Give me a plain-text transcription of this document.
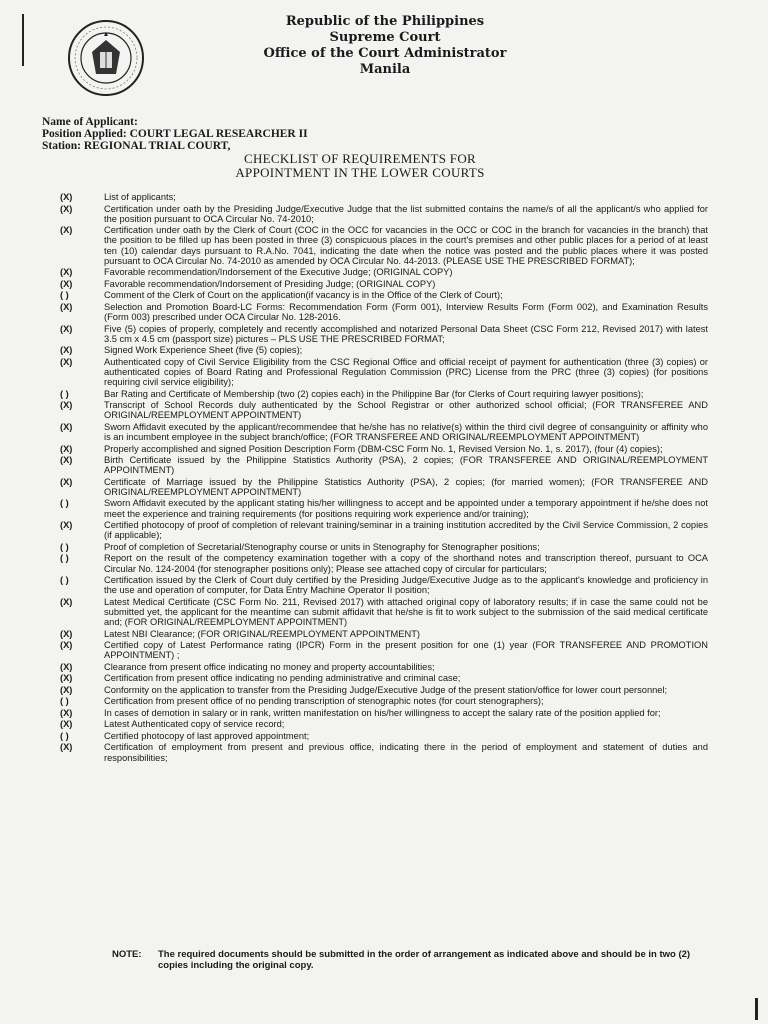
Republic of the Philippines
Supreme Court
Office of the Court Administrator
Manila
Name of Applicant:
Position Applied: COURT LEGAL RESEARCHER II
Station: REGIONAL TRIAL COURT,
CHECKLIST OF REQUIREMENTS FOR
APPOINTMENT IN THE LOWER COURTS
(X)	List of applicants;
(X)	Certification under oath by the Presiding Judge/Executive Judge that the list submitted contains the name/s of all the applicant/s who applied for the position pursuant to OCA Circular No. 74-2010;
(X)	Certification under oath by the Clerk of Court (COC in the OCC for vacancies in the OCC or COC in the branch for vacancies in the branch) that the position to be filled up has been posted in three (3) conspicuous places in the court's premises and other public places for a period of at least ten (10) calendar days pursuant to R.A.No. 7041, indicating the date when the notice was posted and the public places where it was posted pursuant to OCA Circular No. 74-2010 as amended by OCA Circular No. 44-2013. (PLEASE USE THE PRESCRIBED FORMAT);
(X)	Favorable recommendation/Indorsement of the Executive Judge; (ORIGINAL COPY)
(X)	Favorable recommendation/Indorsement of Presiding Judge; (ORIGINAL COPY)
( )	Comment of the Clerk of Court on the application(if vacancy is in the Office of the Clerk of Court);
(X)	Selection and Promotion Board-LC Forms: Recommendation Form (Form 001), Interview Results Form (Form 002), and Examination Results (Form 003) prescribed under OCA Circular No. 128-2016.
(X)	Five (5) copies of properly, completely and recently accomplished and notarized Personal Data Sheet (CSC Form 212, Revised 2017) with latest 3.5 cm x 4.5 cm (passport size) pictures – PLS USE THE PRESCRIBED FORMAT;
(X)	Signed Work Experience Sheet (five (5) copies);
(X)	Authenticated copy of Civil Service Eligibility from the CSC Regional Office and official receipt of payment for authentication (three (3) copies) or authenticated copies of Board Rating and Professional Regulation Commission (PRC) License from the PRC (three (3) copies) (for positions requiring civil service eligibility);
( )	Bar Rating and Certificate of Membership (two (2) copies each) in the Philippine Bar (for Clerks of Court requiring lawyer positions);
(X)	Transcript of School Records duly authenticated by the School Registrar or other authorized school official; (FOR TRANSFEREE AND ORIGINAL/REEMPLOYMENT APPOINTMENT)
(X)	Sworn Affidavit executed by the applicant/recommendee that he/she has no relative(s) within the third civil degree of consanguinity or affinity who is an incumbent employee in the subject branch/office; (FOR TRANSFEREE AND ORIGINAL/REEMPLOYMENT APPOINTMENT)
(X)	Properly accomplished and signed Position Description Form (DBM-CSC Form No. 1, Revised Version No. 1, s. 2017), (four (4) copies);
(X)	Birth Certificate issued by the Philippine Statistics Authority (PSA), 2 copies; (FOR TRANSFEREE AND ORIGINAL/REEMPLOYMENT APPOINTMENT)
(X)	Certificate of Marriage issued by the Philippine Statistics Authority (PSA), 2 copies; (for married women); (FOR TRANSFEREE AND ORIGINAL/REEMPLOYMENT APPOINTMENT)
( )	Sworn Affidavit executed by the applicant stating his/her willingness to accept and be appointed under a temporary appointment if he/she does not meet the experience and training requirements (for positions requiring work experience and/or training);
(X)	Certified photocopy of proof of completion of relevant training/seminar in a training institution accredited by the Civil Service Commission, 2 copies (if applicable);
( )	Proof of completion of Secretarial/Stenography course or units in Stenography for Stenographer positions;
( )	Report on the result of the competency examination together with a copy of the shorthand notes and transcription thereof, pursuant to OCA Circular No. 124-2004 (for stenographer positions only); Please see attached copy of circular for particulars;
( )	Certification issued by the Clerk of Court duly certified by the Presiding Judge/Executive Judge as to the applicant's knowledge and proficiency in the use and operation of computer, for Data Entry Machine Operator II position;
(X)	Latest Medical Certificate (CSC Form No. 211, Revised 2017) with attached original copy of laboratory results; if in case the same could not be submitted yet, the applicant for the meantime can submit affidavit that he/she is fit to work subject to the submission of the said medical certificate and; (FOR ORIGINAL/REEMPLOYMENT APPOINTMENT)
(X)	Latest NBI Clearance; (FOR ORIGINAL/REEMPLOYMENT APPOINTMENT)
(X)	Certified copy of Latest Performance rating (IPCR) Form in the present position for one (1) year (FOR TRANSFEREE AND PROMOTION APPOINTMENT) ;
(X)	Clearance from present office indicating no money and property accountabilities;
(X)	Certification from present office indicating no pending administrative and criminal case;
(X)	Conformity on the application to transfer from the Presiding Judge/Executive Judge of the present station/office for lower court personnel;
( )	Certification from present office of no pending transcription of stenographic notes (for court stenographers);
(X)	In cases of demotion in salary or in rank, written manifestation on his/her willingness to accept the salary rate of the position applied for;
(X)	Latest Authenticated copy of service record;
( )	Certified photocopy of last approved appointment;
(X)	Certification of employment from present and previous office, indicating there in the period of employment and statement of duties and responsibilities;
NOTE:	The required documents should be submitted in the order of arrangement as indicated above and should be in two (2) copies including the original copy.
